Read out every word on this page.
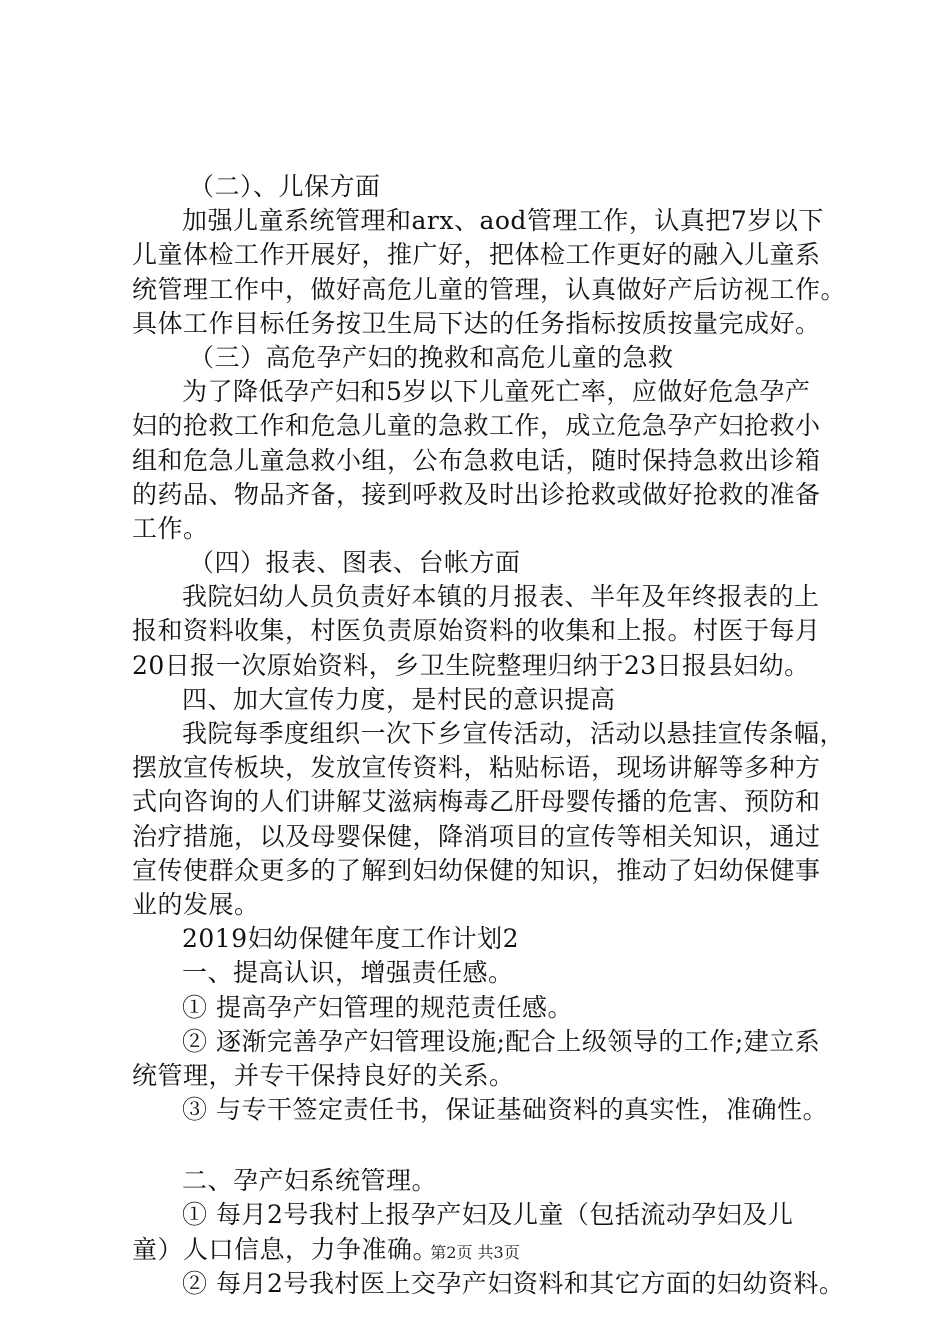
（二）、儿保方面
加强儿童系统管理和arx、aod管理工作，认真把7岁以下
儿童体检工作开展好，推广好，把体检工作更好的融入儿童系
统管理工作中，做好高危儿童的管理，认真做好产后访视工作。
具体工作目标任务按卫生局下达的任务指标按质按量完成好。
（三）高危孕产妇的挽救和高危儿童的急救
为了降低孕产妇和5岁以下儿童死亡率，应做好危急孕产
妇的抢救工作和危急儿童的急救工作，成立危急孕产妇抢救小
组和危急儿童急救小组，公布急救电话，随时保持急救出诊箱
的药品、物品齐备，接到呼救及时出诊抢救或做好抢救的准备
工作。
（四）报表、图表、台帐方面
我院妇幼人员负责好本镇的月报表、半年及年终报表的上
报和资料收集，村医负责原始资料的收集和上报。村医于每月
20日报一次原始资料，乡卫生院整理归纳于23日报县妇幼。
四、加大宣传力度，是村民的意识提高
我院每季度组织一次下乡宣传活动，活动以悬挂宣传条幅，
摆放宣传板块，发放宣传资料，粘贴标语，现场讲解等多种方
式向咨询的人们讲解艾滋病梅毒乙肝母婴传播的危害、预防和
治疗措施，以及母婴保健，降消项目的宣传等相关知识，通过
宣传使群众更多的了解到妇幼保健的知识，推动了妇幼保健事
业的发展。
2019妇幼保健年度工作计划2
一、提高认识，增强责任感。
① 提高孕产妇管理的规范责任感。
② 逐渐完善孕产妇管理设施;配合上级领导的工作;建立系
统管理，并专干保持良好的关系。
③ 与专干签定责任书，保证基础资料的真实性，准确性。
二、孕产妇系统管理。
① 每月2号我村上报孕产妇及儿童（包括流动孕妇及儿
童）人口信息，力争准确。
② 每月2号我村医上交孕产妇资料和其它方面的妇幼资料。
第2页 共3页
